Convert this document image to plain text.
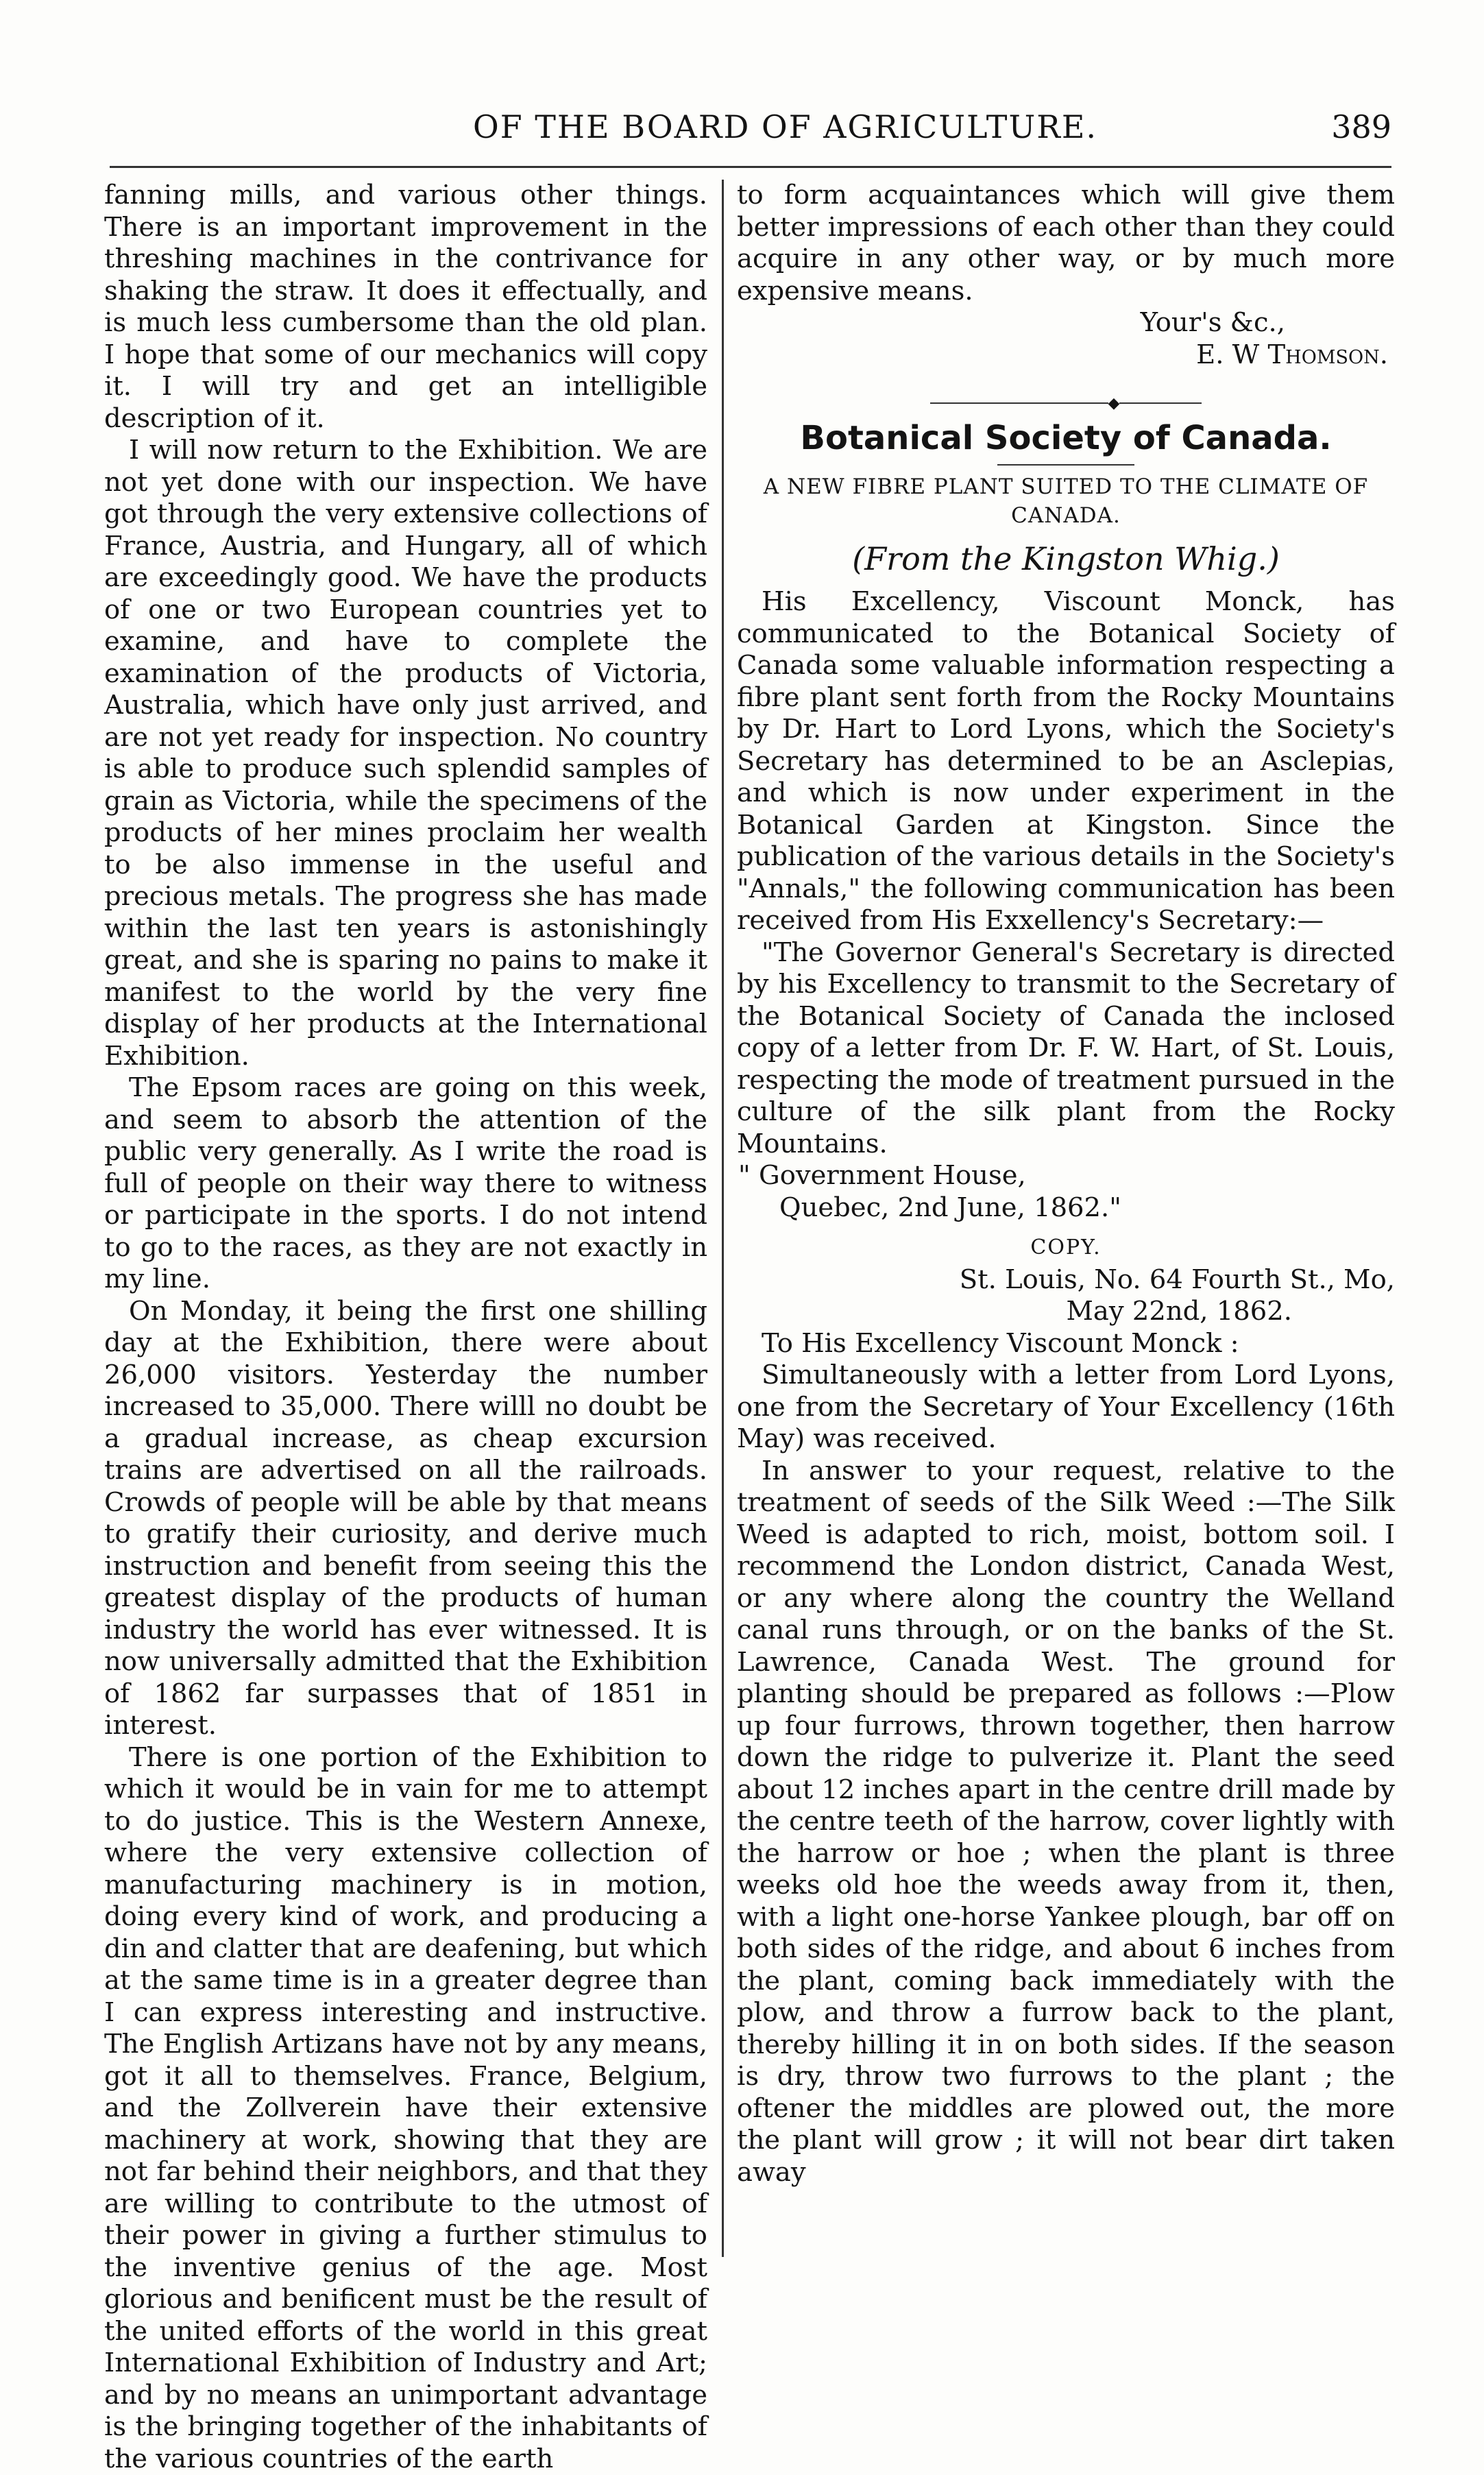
OF THE BOARD OF AGRICULTURE.	389

fanning mills, and various other things. There is an important improvement in the threshing machines in the contrivance for shaking the straw. It does it effectually, and is much less cumbersome than the old plan. I hope that some of our mechanics will copy it. I will try and get an intelligible description of it.

I will now return to the Exhibition. We are not yet done with our inspection. We have got through the very extensive collections of France, Austria, and Hungary, all of which are exceedingly good. We have the products of one or two European countries yet to examine, and have to complete the examination of the products of Victoria, Australia, which have only just arrived, and are not yet ready for inspection. No country is able to produce such splendid samples of grain as Victoria, while the specimens of the products of her mines proclaim her wealth to be also immense in the useful and precious metals. The progress she has made within the last ten years is astonishingly great, and she is sparing no pains to make it manifest to the world by the very fine display of her products at the International Exhibition.

The Epsom races are going on this week, and seem to absorb the attention of the public very generally. As I write the road is full of people on their way there to witness or participate in the sports. I do not intend to go to the races, as they are not exactly in my line.

On Monday, it being the first one shilling day at the Exhibition, there were about 26,000 visitors. Yesterday the number increased to 35,000. There willl no doubt be a gradual increase, as cheap excursion trains are advertised on all the railroads. Crowds of people will be able by that means to gratify their curiosity, and derive much instruction and benefit from seeing this the greatest display of the products of human industry the world has ever witnessed. It is now universally admitted that the Exhibition of 1862 far surpasses that of 1851 in interest.

There is one portion of the Exhibition to which it would be in vain for me to attempt to do justice. This is the Western Annexe, where the very extensive collection of manufacturing machinery is in motion, doing every kind of work, and producing a din and clatter that are deafening, but which at the same time is in a greater degree than I can express interesting and instructive. The English Artizans have not by any means, got it all to themselves. France, Belgium, and the Zollverein have their extensive machinery at work, showing that they are not far behind their neighbors, and that they are willing to contribute to the utmost of their power in giving a further stimulus to the inventive genius of the age. Most glorious and benificent must be the result of the united efforts of the world in this great International Exhibition of Industry and Art; and by no means an unimportant advantage is the bringing together of the inhabitants of the various countries of the earth

to form acquaintances which will give them better impressions of each other than they could acquire in any other way, or by much more expensive means.

Your's &c.,

E. W Thomson.

◆
Botanical Society of Canada.
A NEW FIBRE PLANT SUITED TO THE CLIMATE OF CANADA.
(From the Kingston Whig.)

His Excellency, Viscount Monck, has communicated to the Botanical Society of Canada some valuable information respecting a fibre plant sent forth from the Rocky Mountains by Dr. Hart to Lord Lyons, which the Society's Secretary has determined to be an Asclepias, and which is now under experiment in the Botanical Garden at Kingston. Since the publication of the various details in the Society's "Annals," the following communication has been received from His Exxellency's Secretary:—

"The Governor General's Secretary is directed by his Excellency to transmit to the Secretary of the Botanical Society of Canada the inclosed copy of a letter from Dr. F. W. Hart, of St. Louis, respecting the mode of treatment pursued in the culture of the silk plant from the Rocky Mountains.

" Government House,
Quebec, 2nd June, 1862."
COPY.
St. Louis, No. 64 Fourth St., Mo,
May 22nd, 1862.

To His Excellency Viscount Monck :

Simultaneously with a letter from Lord Lyons, one from the Secretary of Your Excellency (16th May) was received.

In answer to your request, relative to the treatment of seeds of the Silk Weed :—The Silk Weed is adapted to rich, moist, bottom soil. I recommend the London district, Canada West, or any where along the country the Welland canal runs through, or on the banks of the St. Lawrence, Canada West. The ground for planting should be prepared as follows :—Plow up four furrows, thrown together, then harrow down the ridge to pulverize it. Plant the seed about 12 inches apart in the centre drill made by the centre teeth of the harrow, cover lightly with the harrow or hoe ; when the plant is three weeks old hoe the weeds away from it, then, with a light one-horse Yankee plough, bar off on both sides of the ridge, and about 6 inches from the plant, coming back immediately with the plow, and throw a furrow back to the plant, thereby hilling it in on both sides. If the season is dry, throw two furrows to the plant ; the oftener the middles are plowed out, the more the plant will grow ; it will not bear dirt taken away
